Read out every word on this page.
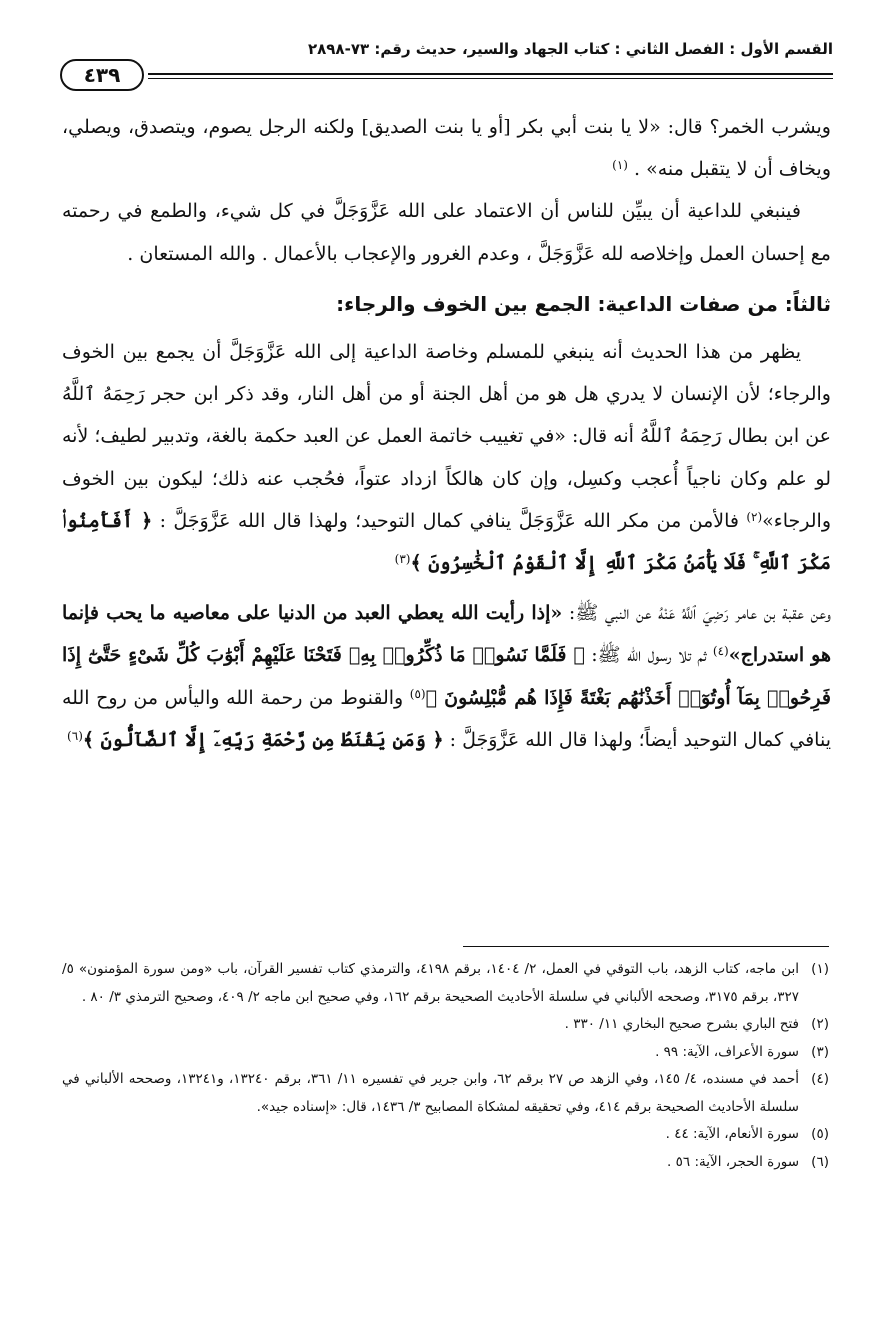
القسم الأول : الفصل الثاني : كتاب الجهاد والسير، حديث رقم: ٧٣-٢٨٩٨
٤٣٩

ويشرب الخمر؟ قال: «لا يا بنت أبي بكر [أو يا بنت الصديق] ولكنه الرجل يصوم، ويتصدق، ويصلي، ويخاف أن لا يتقبل منه» . $^{(١)}$

فينبغي للداعية أن يبيِّن للناس أن الاعتماد على الله عَزَّوَجَلَّ في كل شيء، والطمع في رحمته مع إحسان العمل وإخلاصه لله عَزَّوَجَلَّ ، وعدم الغرور والإعجاب بالأعمال . والله المستعان .

ثالثاً: من صفات الداعية: الجمع بين الخوف والرجاء:

يظهر من هذا الحديث أنه ينبغي للمسلم وخاصة الداعية إلى الله عَزَّوَجَلَّ أن يجمع بين الخوف والرجاء؛ لأن الإنسان لا يدري هل هو من أهل الجنة أو من أهل النار، وقد ذكر ابن حجر رَحِمَهُ ٱللَّهُ عن ابن بطال رَحِمَهُ ٱللَّهُ أنه قال: «في تغييب خاتمة العمل عن العبد حكمة بالغة، وتدبير لطيف؛ لأنه لو علم وكان ناجياً أُعجب وكسِل، وإن كان هالكاً ازداد عتواً، فحُجب عنه ذلك؛ ليكون بين الخوف والرجاء»$^{(٢)}$ فالأمن من مكر الله عَزَّوَجَلَّ ينافي كمال التوحيد؛ ولهذا قال الله عَزَّوَجَلَّ : ﴿ أَفَأَمِنُوا۟ مَكْرَ ٱللَّهِ ۚ فَلَا يَأْمَنُ مَكْرَ ٱللَّهِ إِلَّا ٱلْقَوْمُ ٱلْخَٰسِرُونَ ﴾$^{(٣)}$

وعن عقبة بن عامر رَضِيَ ٱللَّهُ عَنْهُ عن النبي ﷺ: «إذا رأيت الله يعطي العبد من الدنيا على معاصيه ما يحب فإنما هو استدراج»$^{(٤)}$ ثم تلا رسول الله ﷺ: ﴿ فَلَمَّا نَسُوا۟ مَا ذُكِّرُوا۟ بِهِۦ فَتَحْنَا عَلَيْهِمْ أَبْوَٰبَ كُلِّ شَىْءٍ حَتَّىٰٓ إِذَا فَرِحُوا۟ بِمَآ أُوتُوٓا۟ أَخَذْنَٰهُم بَغْتَةً فَإِذَا هُم مُّبْلِسُونَ ﴾$^{(٥)}$ والقنوط من رحمة الله واليأس من روح الله ينافي كمال التوحيد أيضاً؛ ولهذا قال الله عَزَّوَجَلَّ : ﴿ وَمَن يَقْنَطُ مِن رَّحْمَةِ رَبِّهِۦٓ إِلَّا ٱلضَّآلُّونَ ﴾$^{(٦)}$

(١)
ابن ماجه، كتاب الزهد، باب التوقي في العمل، ٢/ ١٤٠٤، برقم ٤١٩٨، والترمذي كتاب تفسير القرآن، باب «ومن سورة المؤمنون» ٥/ ٣٢٧، برقم ٣١٧٥، وصححه الألباني في سلسلة الأحاديث الصحيحة برقم ١٦٢، وفي صحيح ابن ماجه ٢/ ٤٠٩، وصحيح الترمذي ٣/ ٨٠ .
(٢)
فتح الباري بشرح صحيح البخاري ١١/ ٣٣٠ .
(٣)
سورة الأعراف، الآية: ٩٩ .
(٤)
أحمد في مسنده، ٤/ ١٤٥، وفي الزهد ص ٢٧ برقم ٦٢، وابن جرير في تفسيره ١١/ ٣٦١، برقم ١٣٢٤٠، و١٣٢٤١، وصححه الألباني في سلسلة الأحاديث الصحيحة برقم ٤١٤، وفي تحقيقه لمشكاة المصابيح ٣/ ١٤٣٦، قال: «إسناده جيد».
(٥)
سورة الأنعام، الآية: ٤٤ .
(٦)
سورة الحجر، الآية: ٥٦ .
